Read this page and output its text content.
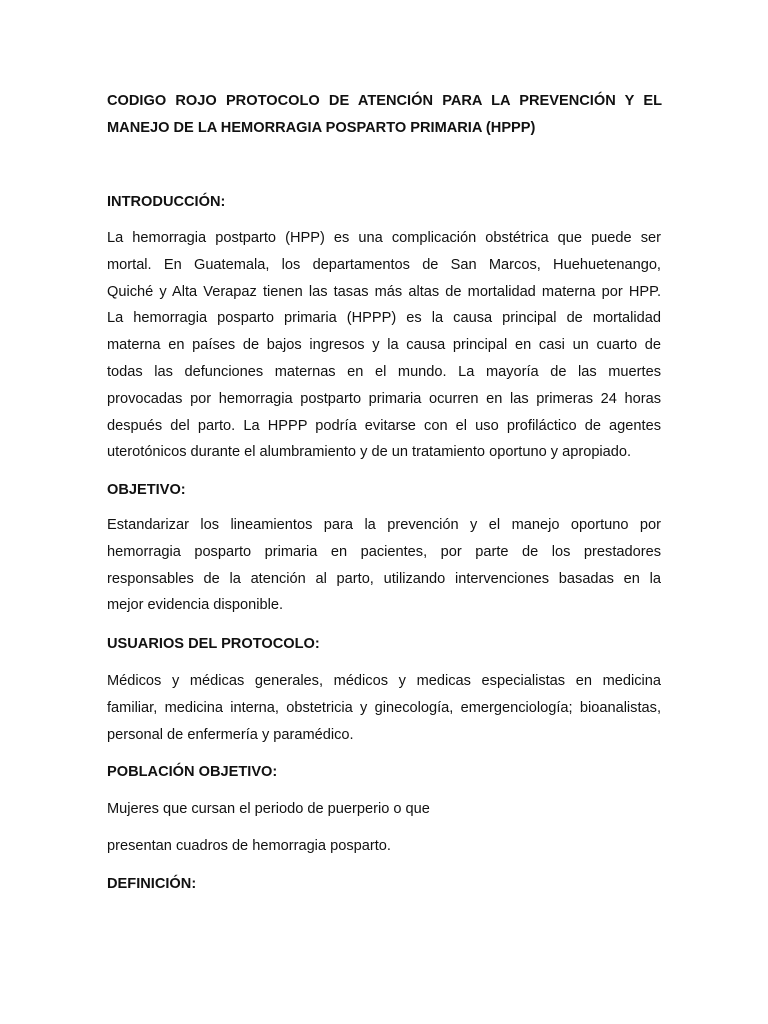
CODIGO ROJO PROTOCOLO DE ATENCIÓN PARA LA PREVENCIÓN Y EL
MANEJO DE LA HEMORRAGIA POSPARTO PRIMARIA (HPPP)
INTRODUCCIÓN:
La hemorragia postparto (HPP) es una complicación obstétrica que puede ser
mortal. En Guatemala, los departamentos de San Marcos, Huehuetenango,
Quiché y Alta Verapaz tienen las tasas más altas de mortalidad materna por HPP.
La hemorragia posparto primaria (HPPP) es la causa principal de mortalidad
materna en países de bajos ingresos y la causa principal en casi un cuarto de
todas las defunciones maternas en el mundo. La mayoría de las muertes
provocadas por hemorragia postparto primaria ocurren en las primeras 24 horas
después del parto. La HPPP podría evitarse con el uso profiláctico de agentes
uterotónicos durante el alumbramiento y de un tratamiento oportuno y apropiado.
OBJETIVO:
Estandarizar los lineamientos para la prevención y el manejo oportuno por
hemorragia posparto primaria en pacientes, por parte de los prestadores
responsables de la atención al parto, utilizando intervenciones basadas en la
mejor evidencia disponible.
USUARIOS DEL PROTOCOLO:
Médicos y médicas generales, médicos y medicas especialistas en medicina
familiar, medicina interna, obstetricia y ginecología, emergenciología; bioanalistas,
personal de enfermería y paramédico.
POBLACIÓN OBJETIVO:
Mujeres que cursan el periodo de puerperio o que
presentan cuadros de hemorragia posparto.
DEFINICIÓN:
